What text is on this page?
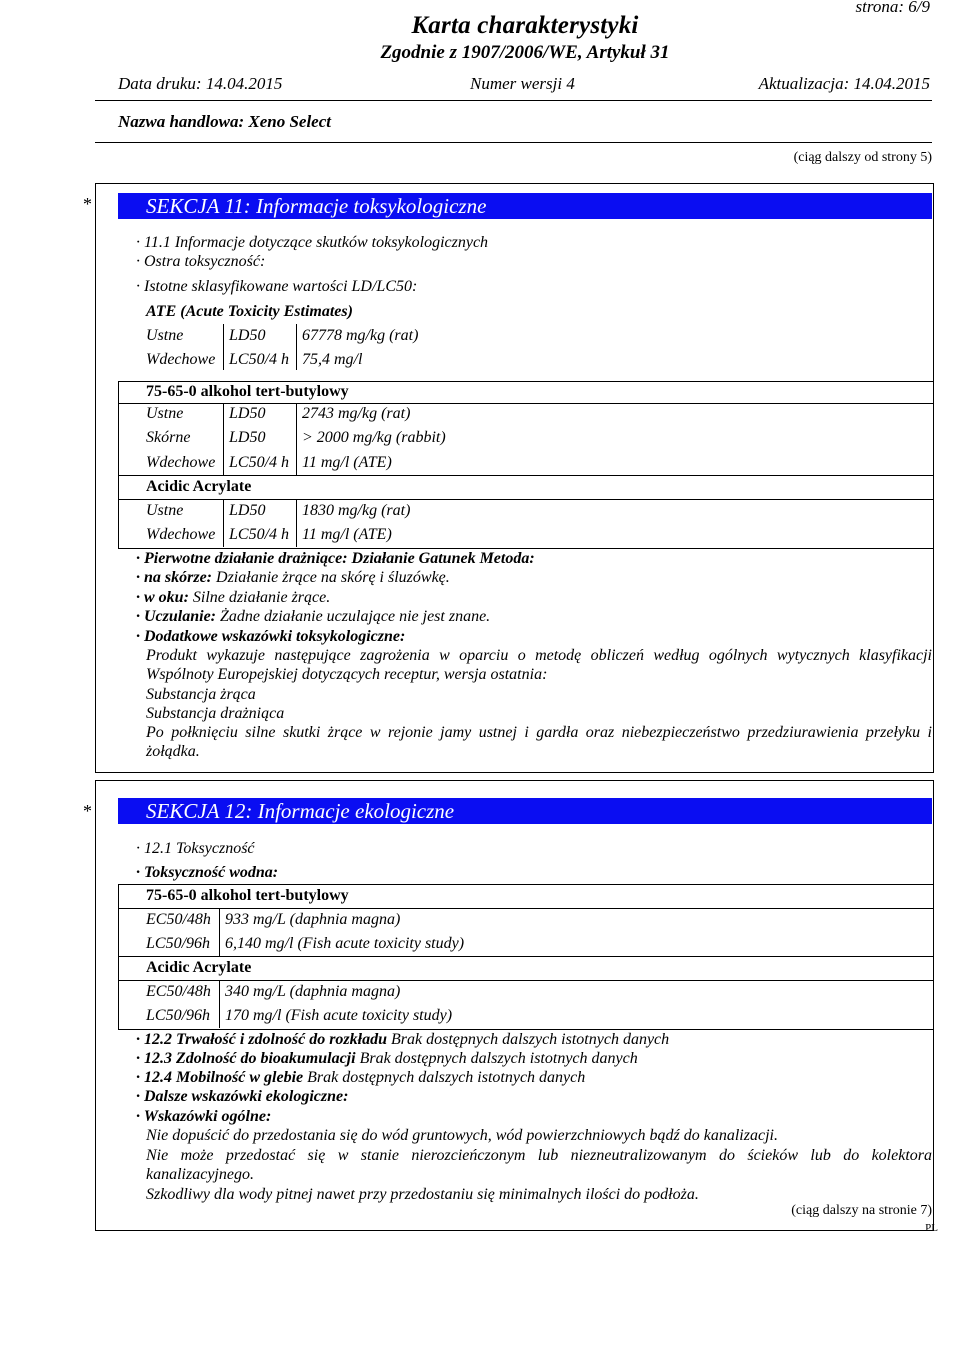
strona: 6/9
Karta charakterystyki
Zgodnie z 1907/2006/WE, Artykuł 31
Data druku: 14.04.2015	Numer wersji 4	Aktualizacja: 14.04.2015
Nazwa handlowa: Xeno Select
(ciąg dalszy od strony 5)
*	SEKCJA 11: Informacje toksykologiczne
· 11.1 Informacje dotyczące skutków toksykologicznych
· Ostra toksyczność:
· Istotne sklasyfikowane wartości LD/LC50:
ATE (Acute Toxicity Estimates)
Ustne	LD50 67778 mg/kg (rat)
Wdechowe LC50/4 h 75,4 mg/l
75-65-0 alkohol tert-butylowy
Ustne	LD50 2743 mg/kg (rat)
Skórne LD50 > 2000 mg/kg (rabbit)
Wdechowe LC50/4 h 11 mg/l (ATE)
Acidic Acrylate
Ustne	LD50 1830 mg/kg (rat)
Wdechowe LC50/4 h 11 mg/l (ATE)
· Pierwotne działanie drażniące: Działanie Gatunek Metoda:
· na skórze: Działanie żrące na skórę i śluzówkę.
· w oku: Silne działanie żrące.
· Uczulanie: Żadne działanie uczulające nie jest znane.
· Dodatkowe wskazówki toksykologiczne:
Produkt wykazuje następujące zagrożenia w oparciu o metodę obliczeń według ogólnych wytycznych klasyfikacji Wspólnoty Europejskiej dotyczących receptur, wersja ostatnia:
Substancja żrąca
Substancja drażniąca
Po połknięciu silne skutki żrące w rejonie jamy ustnej i gardła oraz niebezpieczeństwo przedziurawienia przełyku i żołądka.
*	SEKCJA 12: Informacje ekologiczne
· 12.1 Toksyczność
· Toksyczność wodna:
75-65-0 alkohol tert-butylowy
EC50/48h 933 mg/L (daphnia magna)
LC50/96h 6,140 mg/l (Fish acute toxicity study)
Acidic Acrylate
EC50/48h 340 mg/L (daphnia magna)
LC50/96h 170 mg/l (Fish acute toxicity study)
· 12.2 Trwałość i zdolność do rozkładu Brak dostępnych dalszych istotnych danych
· 12.3 Zdolność do bioakumulacji Brak dostępnych dalszych istotnych danych
· 12.4 Mobilność w glebie Brak dostępnych dalszych istotnych danych
· Dalsze wskazówki ekologiczne:
· Wskazówki ogólne:
Nie dopuścić do przedostania się do wód gruntowych, wód powierzchniowych bądź do kanalizacji.
Nie może przedostać się w stanie nierozcieńczonym lub niezneutralizowanym do ścieków lub do kolektora kanalizacyjnego.
Szkodliwy dla wody pitnej nawet przy przedostaniu się minimalnych ilości do podłoża.
(ciąg dalszy na stronie 7)
PL
